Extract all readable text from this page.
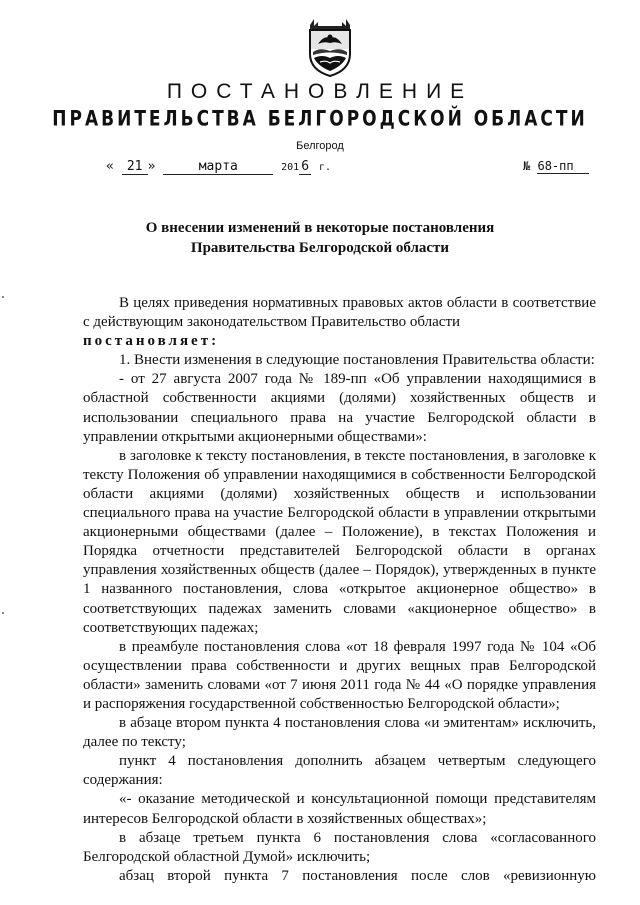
ПОСТАНОВЛЕНИЕ
ПРАВИТЕЛЬСТВА БЕЛГОРОДСКОЙ ОБЛАСТИ
Белгород
« 21 »	марта	201 6 г.	№ 68-пп
О внесении изменений в некоторые постановления
Правительства Белгородской области

В целях приведения нормативных правовых актов области в соответствие с действующим законодательством Правительство области

постановляет:

1. Внести изменения в следующие постановления Правительства области:

- от 27 августа 2007 года № 189-пп «Об управлении находящимися в областной собственности акциями (долями) хозяйственных обществ и использовании специального права на участие Белгородской области в управлении открытыми акционерными обществами»:

в заголовке к тексту постановления, в тексте постановления, в заголовке к тексту Положения об управлении находящимися в собственности Белгородской области акциями (долями) хозяйственных обществ и использовании специального права на участие Белгородской области в управлении открытыми акционерными обществами (далее – Положение), в текстах Положения и Порядка отчетности представителей Белгородской области в органах управления хозяйственных обществ (далее – Порядок), утвержденных в пункте 1 названного постановления, слова «открытое акционерное общество» в соответствующих падежах заменить словами «акционерное общество» в соответствующих падежах;

в преамбуле постановления слова «от 18 февраля 1997 года № 104 «Об осуществлении права собственности и других вещных прав Белгородской области» заменить словами «от 7 июня 2011 года № 44 «О порядке управления и распоряжения государственной собственностью Белгородской области»;

в абзаце втором пункта 4 постановления слова «и эмитентам» исключить, далее по тексту;

пункт 4 постановления дополнить абзацем четвертым следующего содержания:

«- оказание методической и консультационной помощи представителям интересов Белгородской области в хозяйственных обществах»;

в абзаце третьем пункта 6 постановления слова «согласованного Белгородской областной Думой» исключить;

абзац второй пункта 7 постановления после слов «ревизионную
